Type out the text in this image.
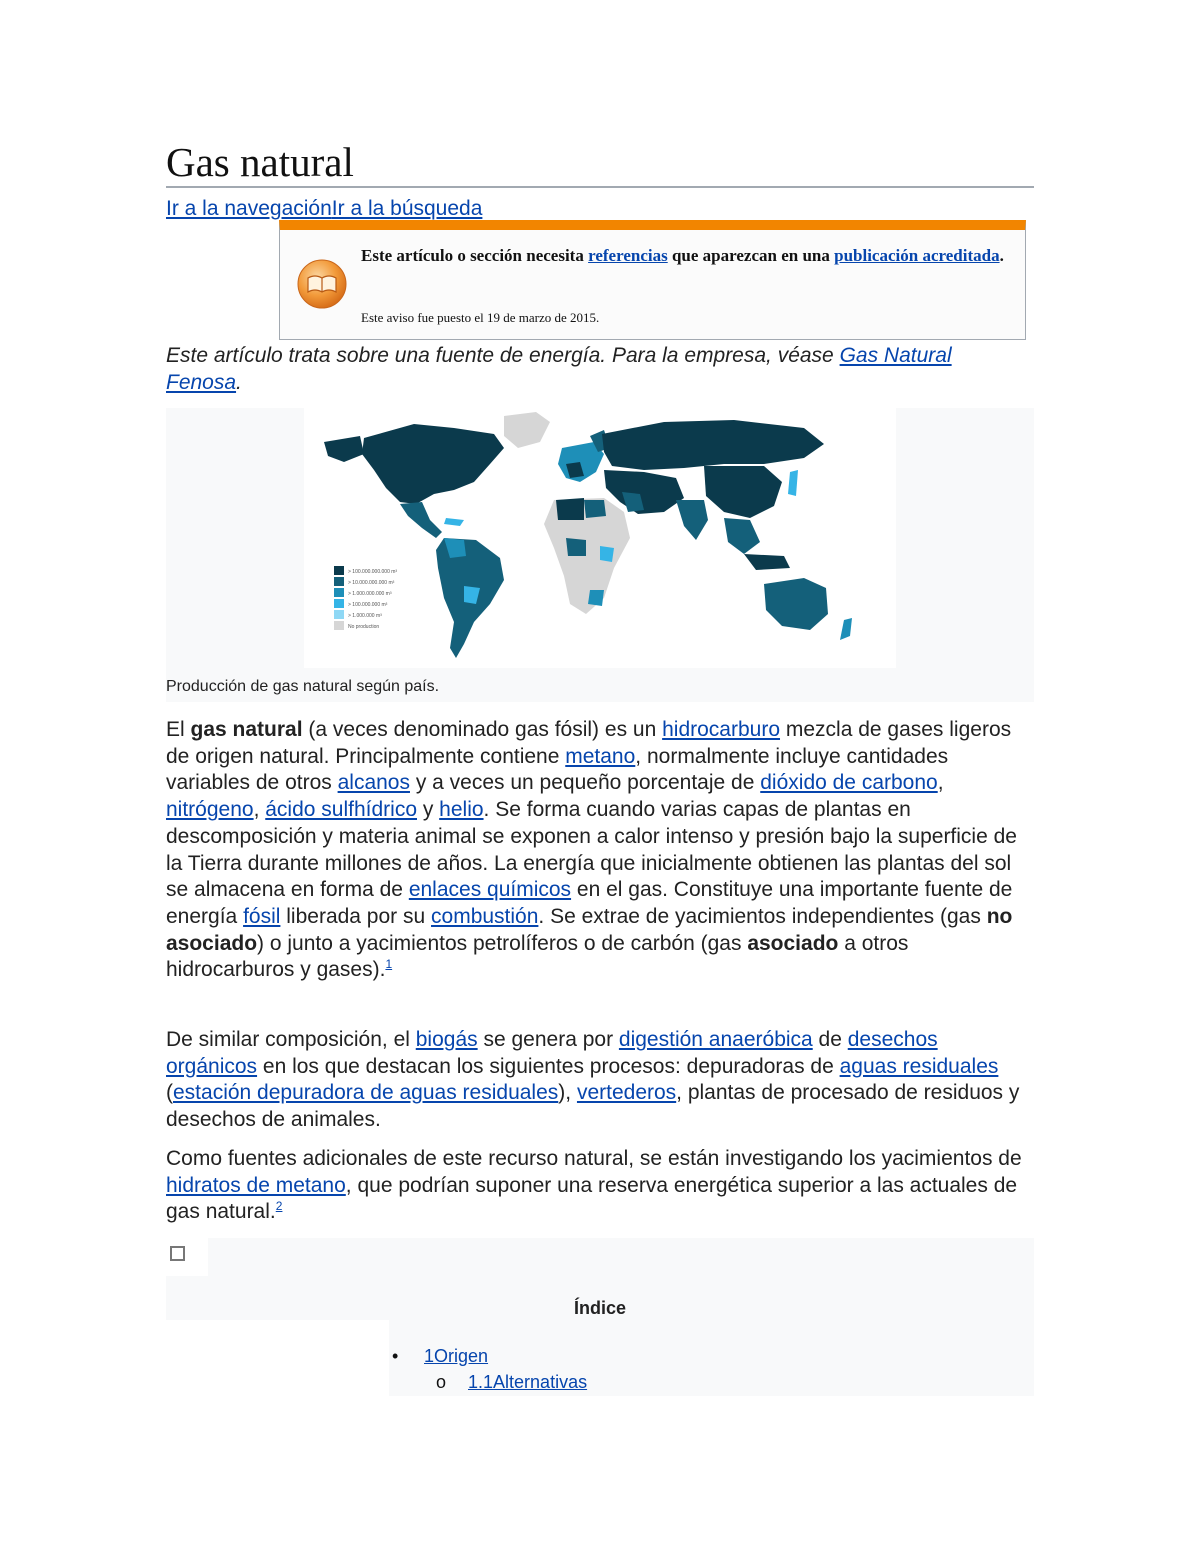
Gas natural
Ir a la navegaciónIr a la búsqueda
Este artículo o sección necesita referencias que aparezcan en una publicación acreditada.
Este aviso fue puesto el 19 de marzo de 2015.
Este artículo trata sobre una fuente de energía. Para la empresa, véase Gas Natural Fenosa.
> 100.000.000.000 m³
> 10.000.000.000 m³
> 1.000.000.000 m³
> 100.000.000 m³
> 1.000.000 m³
No production
Producción de gas natural según país.

El gas natural (a veces denominado gas fósil) es un hidrocarburo mezcla de gases ligeros de origen natural. Principalmente contiene metano, normalmente incluye cantidades variables de otros alcanos y a veces un pequeño porcentaje de dióxido de carbono, nitrógeno, ácido sulfhídrico y helio. Se forma cuando varias capas de plantas en descomposición y materia animal se exponen a calor intenso y presión bajo la superficie de la Tierra durante millones de años. La energía que inicialmente obtienen las plantas del sol se almacena en forma de enlaces químicos en el gas. Constituye una importante fuente de energía fósil liberada por su combustión. Se extrae de yacimientos independientes (gas no asociado) o junto a yacimientos petrolíferos o de carbón (gas asociado a otros hidrocarburos y gases).$^1$

De similar composición, el biogás se genera por digestión anaeróbica de desechos orgánicos en los que destacan los siguientes procesos: depuradoras de aguas residuales (estación depuradora de aguas residuales), vertederos, plantas de procesado de residuos y desechos de animales.

Como fuentes adicionales de este recurso natural, se están investigando los yacimientos de hidratos de metano, que podrían suponer una reserva energética superior a las actuales de gas natural.$^2$

Índice
• 1Origen
o 1.1Alternativas
